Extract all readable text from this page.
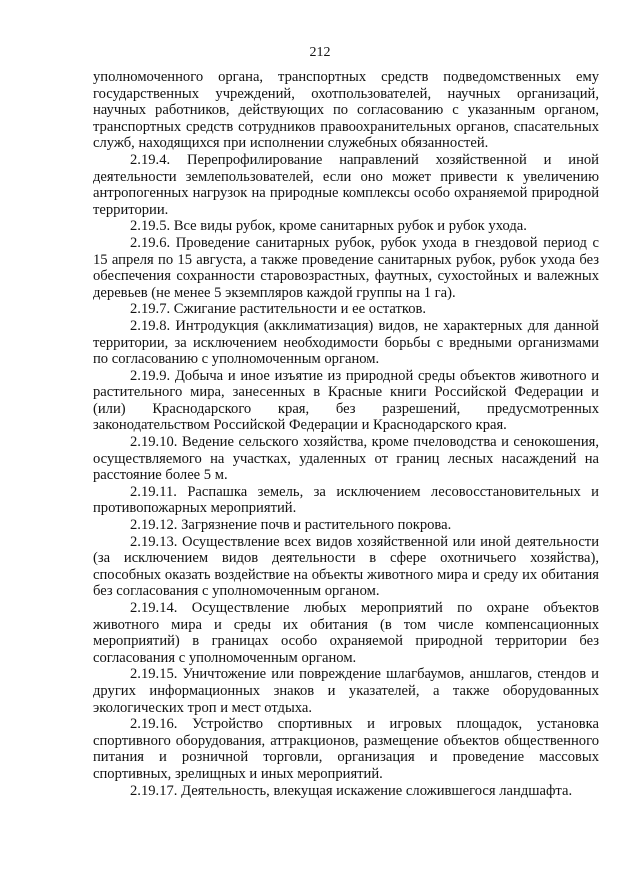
212

уполномоченного органа, транспортных средств подведомственных ему государственных учреждений, охотпользователей, научных организаций, научных работников, действующих по согласованию с указанным органом, транспортных средств сотрудников правоохранительных органов, спасательных служб, находящихся при исполнении служебных обязанностей.

2.19.4. Перепрофилирование направлений хозяйственной и иной деятельности землепользователей, если оно может привести к увеличению антропогенных нагрузок на природные комплексы особо охраняемой природной территории.

2.19.5. Все виды рубок, кроме санитарных рубок и рубок ухода.

2.19.6. Проведение санитарных рубок, рубок ухода в гнездовой период с 15 апреля по 15 августа, а также проведение санитарных рубок, рубок ухода без обеспечения сохранности старовозрастных, фаутных, сухостойных и валежных деревьев (не менее 5 экземпляров каждой группы на 1 га).

2.19.7. Сжигание растительности и ее остатков.

2.19.8. Интродукция (акклиматизация) видов, не характерных для данной территории, за исключением необходимости борьбы с вредными организмами по согласованию с уполномоченным органом.

2.19.9. Добыча и иное изъятие из природной среды объектов животного и растительного мира, занесенных в Красные книги Российской Федерации и (или) Краснодарского края, без разрешений, предусмотренных законодательством Российской Федерации и Краснодарского края.

2.19.10. Ведение сельского хозяйства, кроме пчеловодства и сенокошения, осуществляемого на участках, удаленных от границ лесных насаждений на расстояние более 5 м.

2.19.11. Распашка земель, за исключением лесовосстановительных и противопожарных мероприятий.

2.19.12. Загрязнение почв и растительного покрова.

2.19.13. Осуществление всех видов хозяйственной или иной деятельности (за исключением видов деятельности в сфере охотничьего хозяйства), способных оказать воздействие на объекты животного мира и среду их обитания без согласования с уполномоченным органом.

2.19.14. Осуществление любых мероприятий по охране объектов животного мира и среды их обитания (в том числе компенсационных мероприятий) в границах особо охраняемой природной территории без согласования с уполномоченным органом.

2.19.15. Уничтожение или повреждение шлагбаумов, аншлагов, стендов и других информационных знаков и указателей, а также оборудованных экологических троп и мест отдыха.

2.19.16. Устройство спортивных и игровых площадок, установка спортивного оборудования, аттракционов, размещение объектов общественного питания и розничной торговли, организация и проведение массовых спортивных, зрелищных и иных мероприятий.

2.19.17. Деятельность, влекущая искажение сложившегося ландшафта.
